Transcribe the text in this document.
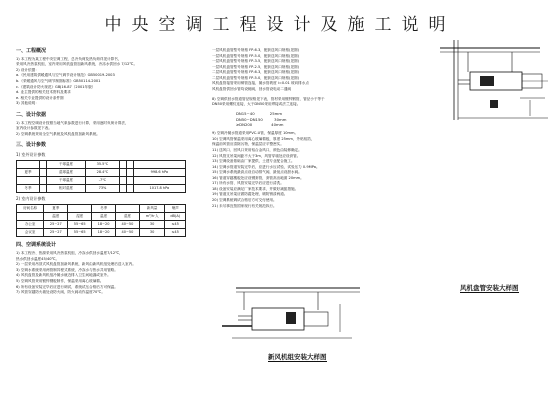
中央空调工程设计及施工说明
一、工程概况
1) 本工程为某工程中央空调工程，总冷负荷及热负荷详见计算书，
采用风冷热泵机组，室内采用风机盘管加新风系统，冷冻水供回水 7/12℃。
2) 设计依据：
a.《民用建筑供暖通风与空气调节设计规范》GB50019-2003
b.《采暖通风与空气调节制图标准》GB50114-2001
c.《建筑设计防火规范》GBJ16-87（2001年版）
d. 业主提供的相关技术资料及要求
e. 相关专业提供的设计条件图
3) 其他说明：
二、设计依据
1) 本工程空调设计按照当地气象参数进行计算，采用逐时负荷计算法，
室内设计参数见下表。
2) 空调系统采用全空气系统及风机盘管加新风系统。
三、设计参数
1) 室外设计参数
		干球温度	35.5℃			
夏季		湿球温度	28.4℃			998.6 hPa
		干球温度	-7℃			
冬季		相对湿度	73%			1017.8 hPa
2) 室内设计参数
房间名称	夏季		冬季		新风量	噪声
	温度	湿度	温度	湿度	m³/h·人	dB(A)
办公室	25~27	55~65	18~20	40~50	30	≤45
会议室	25~27	55~65	18~20	40~50	30	≤45
四、空调系统设计
1) 本工程冷、热源采用风冷热泵机组，冷冻水供回水温度7/12℃，
热水供回水温度45/40℃。
2) 一层采用吊顶式风机盘管加新风系统，新风由新风机组处理后送入室内。
3) 空调水系统采用两管制异程式系统，冷冻水与热水共用管路。
4) 风机盘管及新风机组冷凝水就近排入卫生间地漏或室外。
5) 空调风管采用镀锌钢板制作，保温采用离心玻璃棉。
6) 所有设备安装完毕后应进行调试，系统试压合格后方可保温。
7) 风管穿越防火墙处设防火阀，防火阀动作温度70℃。
一层风机盘管型号规格 FP-6.3，配套送风口规格(见图)
一层风机盘管型号规格 FP-5.0，配套送风口规格(见图)
一层风机盘管型号规格 FP-3.5，配套送风口规格(见图)
一层风机盘管型号规格 FP-2.5，配套送风口规格(见图)
二层风机盘管型号规格 FP-6.3，配套送风口规格(见图)
二层风机盘管型号规格 FP-5.0，配套送风口规格(见图)
风机盘管接管采用铜管连接，凝水管坡度 i=0.01 坡向排水点
风机盘管供回水管均设闸阀，回水管设电动二通阀
8) 空调供回水管道管径规格见下表，管材采用镀锌钢管，管径小于等于
DN50采用螺纹连接，大于DN50采用焊接或法兰连接。
DN15~40　　　　25mm
DN50~DN150　　　30mm
≥DN200　　　　　40mm
9) 空调冷凝水管道采用PVC-U管，保温厚度 10mm。
10) 空调风管保温采用离心玻璃棉板，厚度 25mm，外贴铝箔，
保温前风管应清除污物，保温层应平整密实。
11) 送风口、回风口采用铝合金风口，颜色由装修确定。
12) 风管支吊架间距不大于3m，风管穿墙处应设套管。
13) 空调设备基础由厂家提供，土建专业配合施工。
14) 空调水管道安装完毕后，应进行水压试验，试验压力 0.9MPa。
15) 空调水系统最高点设自动排气阀，最低点设泄水阀。
16) 管道穿越楼板处应设钢套管，套管高出地面 20mm。
17) 所有水管、风管安装完毕后应进行清洗。
18) 设备安装应满足厂家技术要求，并做好减振措施。
19) 管道支吊架应做防腐处理，刷防锈漆两道。
20) 空调系统调试合格后方可交付使用。
21) 未尽事宜按国家现行有关规范执行。
风机盘管安装大样图
新风机组安装大样图
